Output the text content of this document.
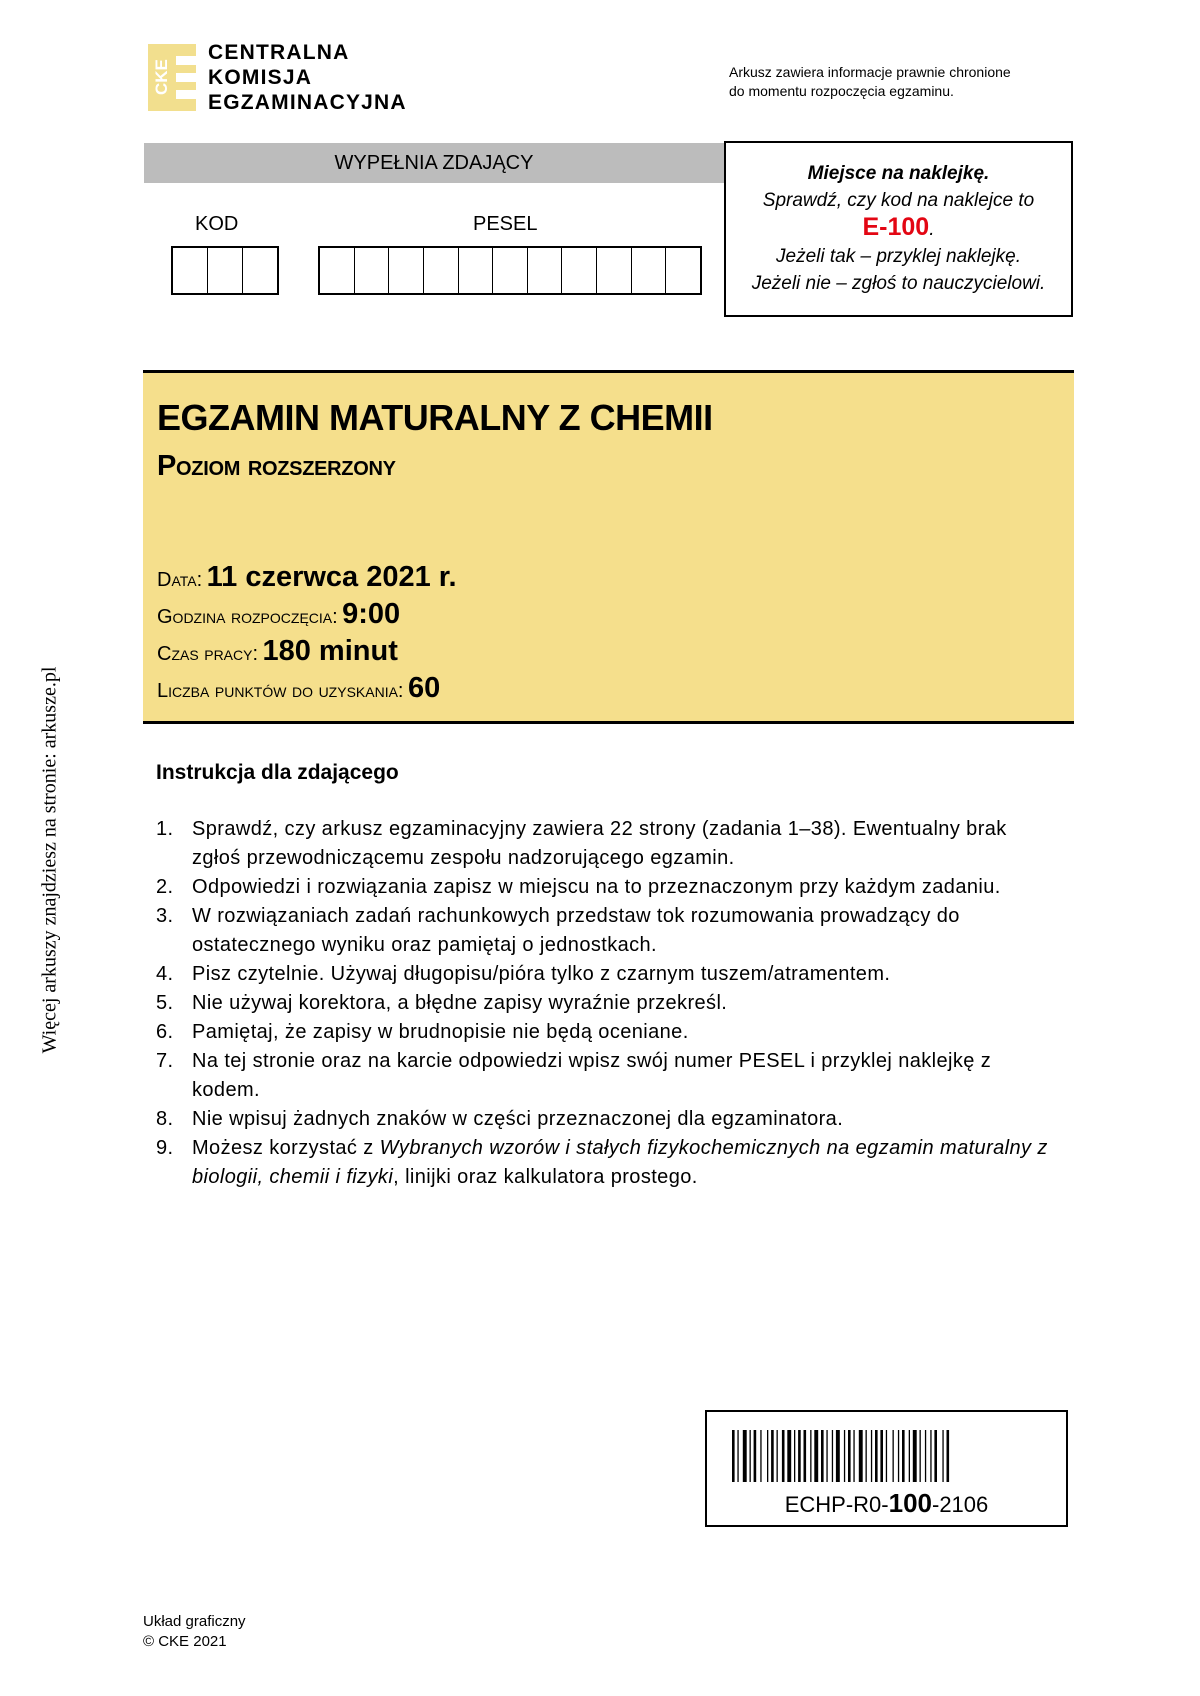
CKE
CENTRALNA
KOMISJA
EGZAMINACYJNA
Arkusz zawiera informacje prawnie chronione
do momentu rozpoczęcia egzaminu.
WYPEŁNIA ZDAJĄCY
KOD	PESEL
Miejsce na naklejkę.
Sprawdź, czy kod na naklejce to
E-100.
Jeżeli tak – przyklej naklejkę.
Jeżeli nie – zgłoś to nauczycielowi.
EGZAMIN MATURALNY Z CHEMII
Poziom rozszerzony
Data: 11 czerwca 2021 r.
Godzina rozpoczęcia: 9:00
Czas pracy: 180 minut
Liczba punktów do uzyskania: 60
Instrukcja dla zdającego
1. Sprawdź, czy arkusz egzaminacyjny zawiera 22 strony (zadania 1–38). Ewentualny brak zgłoś przewodniczącemu zespołu nadzorującego egzamin.
2. Odpowiedzi i rozwiązania zapisz w miejscu na to przeznaczonym przy każdym zadaniu.
3. W rozwiązaniach zadań rachunkowych przedstaw tok rozumowania prowadzący do ostatecznego wyniku oraz pamiętaj o jednostkach.
4. Pisz czytelnie. Używaj długopisu/pióra tylko z czarnym tuszem/atramentem.
5. Nie używaj korektora, a błędne zapisy wyraźnie przekreśl.
6. Pamiętaj, że zapisy w brudnopisie nie będą oceniane.
7. Na tej stronie oraz na karcie odpowiedzi wpisz swój numer PESEL i przyklej naklejkę z kodem.
8. Nie wpisuj żadnych znaków w części przeznaczonej dla egzaminatora.
9. Możesz korzystać z Wybranych wzorów i stałych fizykochemicznych na egzamin maturalny z biologii, chemii i fizyki, linijki oraz kalkulatora prostego.
Więcej arkuszy znajdziesz na stronie: arkusze.pl
ECHP-R0-100-2106
Układ graficzny
© CKE 2021
